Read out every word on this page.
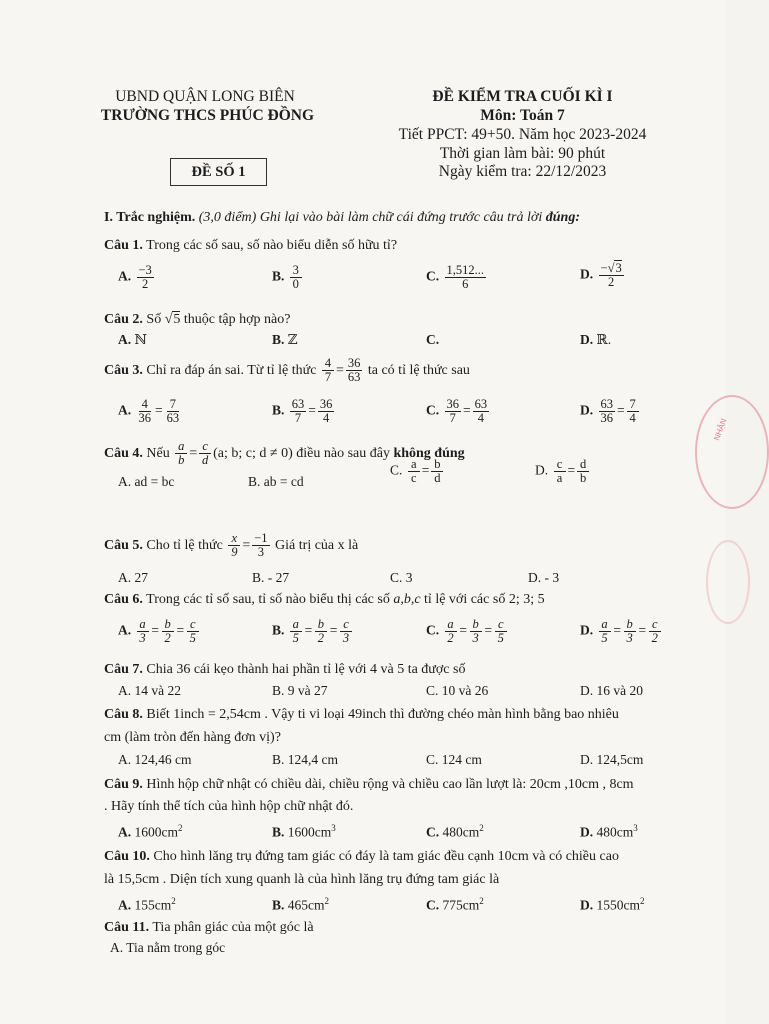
UBND QUẬN LONG BIÊN
TRƯỜNG THCS PHÚC ĐỒNG
ĐỀ SỐ 1
ĐỀ KIỂM TRA CUỐI KÌ I
Môn: Toán 7
Tiết PPCT: 49+50. Năm học 2023-2024
Thời gian làm bài: 90 phút
Ngày kiểm tra: 22/12/2023
NHẬN
I. Trắc nghiệm. (3,0 điểm) Ghi lại vào bài làm chữ cái đứng trước câu trả lời đúng:
Câu 1. Trong các số sau, số nào biểu diễn số hữu tỉ?
A. $\frac{-3}{2}$	B. $\frac{3}{0}$	C. $\frac{1,512...}{6}$	D. $\frac{-√3}{2}$
Câu 2. Số √5 thuộc tập hợp nào?
A. ℕ	B. ℤ	C.	D. ℝ.
Câu 3. Chỉ ra đáp án sai. Từ tỉ lệ thức $\frac{4}{7} = \frac{36}{63}$ ta có tỉ lệ thức sau
A. $\frac{4}{36} = \frac{7}{63}$	B. $\frac{63}{7} = \frac{36}{4}$	C. $\frac{36}{7} = \frac{63}{4}$	D. $\frac{63}{36} = \frac{7}{4}$
Câu 4. Nếu $\frac{a}{b} = \frac{c}{d} (a$; b; c; d ≠ 0) điều nào sau đây không đúng
A. ad = bc	B. ab = cd
C. $\frac{a}{c} = \frac{b}{d}$	D. $\frac{c}{a} = \frac{d}{b}$
Câu 5. Cho tỉ lệ thức $\frac{x}{9} = \frac{-1}{3}$ Giá trị của x là
A. 27	B. - 27	C. 3	D. - 3
Câu 6. Trong các tỉ số sau, tỉ số nào biểu thị các số a,b,c tỉ lệ với các số 2; 3; 5
A. $\frac{a}{3} = \frac{b}{2} = \frac{c}{5}$	B. $\frac{a}{5} = \frac{b}{2} = \frac{c}{3}$	C. $\frac{a}{2} = \frac{b}{3} = \frac{c}{5}$	D. $\frac{a}{5} = \frac{b}{3} = \frac{c}{2}$
Câu 7. Chia 36 cái kẹo thành hai phần tỉ lệ với 4 và 5 ta được số
A. 14 và 22	B. 9 và 27	C. 10 và 26	D. 16 và 20
Câu 8. Biết 1inch = 2,54cm . Vậy ti vi loại 49inch thì đường chéo màn hình bằng bao nhiêu
cm (làm tròn đến hàng đơn vị)?
A. 124,46 cm	B. 124,4 cm	C. 124 cm	D. 124,5cm
Câu 9. Hình hộp chữ nhật có chiều dài, chiều rộng và chiều cao lần lượt là: 20cm ,10cm , 8cm
. Hãy tính thể tích của hình hộp chữ nhật đó.
A. $1600cm^2$	B. $1600cm^3$	C. $480cm^2$	D. $480cm^3$
Câu 10. Cho hình lăng trụ đứng tam giác có đáy là tam giác đều cạnh 10cm và có chiều cao
là 15,5cm . Diện tích xung quanh là của hình lăng trụ đứng tam giác là
A. $155cm^2$	B. $465cm^2$	C. $775cm^2$	D. $1550cm^2$
Câu 11. Tia phân giác của một góc là
A. Tia nằm trong góc
